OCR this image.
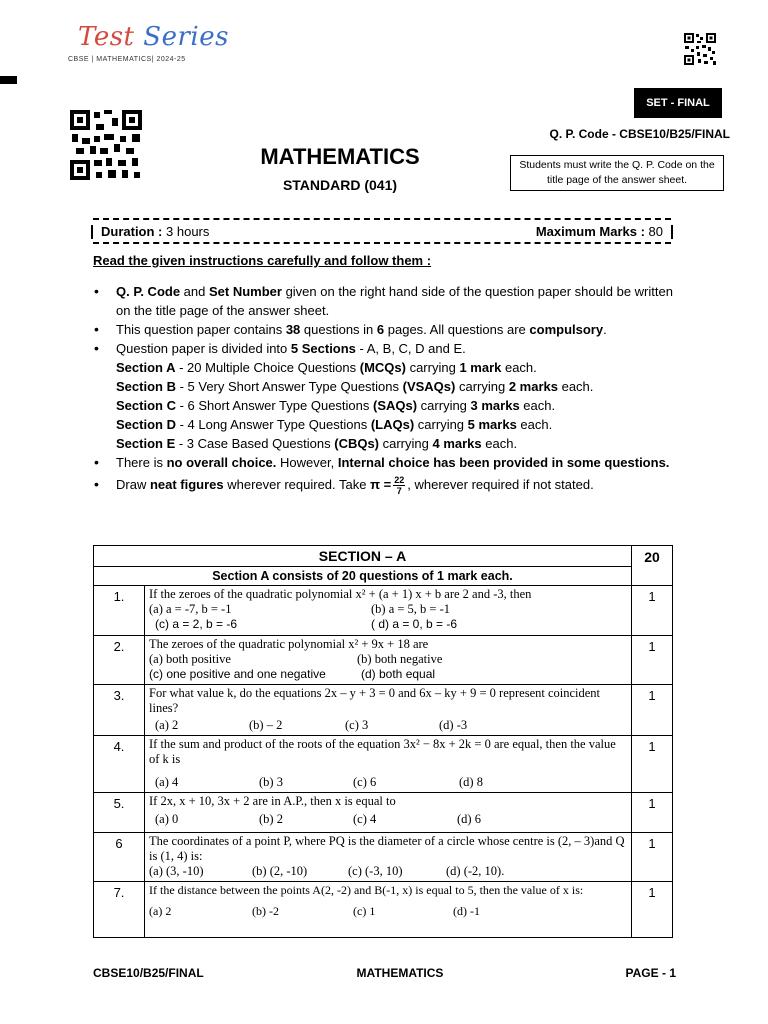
Test Series
CBSE | MATHEMATICS| 2024-25
SET - FINAL
Q. P. Code - CBSE10/B25/FINAL
MATHEMATICS
STANDARD (041)
Students must write the Q. P. Code on the title page of the answer sheet.
Duration : 3 hours	Maximum Marks : 80
Read the given instructions carefully and follow them :
• Q. P. Code and Set Number given on the right hand side of the question paper should be written on the title page of the answer sheet.
• This question paper contains 38 questions in 6 pages. All questions are compulsory.
• Question paper is divided into 5 Sections - A, B, C, D and E.
Section A - 20 Multiple Choice Questions (MCQs) carrying 1 mark each.
Section B - 5 Very Short Answer Type Questions (VSAQs) carrying 2 marks each.
Section C - 6 Short Answer Type Questions (SAQs) carrying 3 marks each.
Section D - 4 Long Answer Type Questions (LAQs) carrying 5 marks each.
Section E - 3 Case Based Questions (CBQs) carrying 4 marks each.
• There is no overall choice. However, Internal choice has been provided in some questions.
• Draw neat figures wherever required. Take $\pi = \frac{22}{7}$ , wherever required if not stated.
SECTION – A		20

Section A consists of 20 questions of 1 mark each.		

1.	If the zeroes of the quadratic polynomial x² + (a + 1) x + b are 2 and -3, then
(a) a = -7, b = -1 (b) a = 5, b = -1
(c) a = 2, b = -6 ( d) a = 0, b = -6	1
2.	The zeroes of the quadratic polynomial x² + 9x + 18 are
(a) both positive (b) both negative
(c) one positive and one negative (d) both equal	1
3.	For what value k, do the equations 2x – y + 3 = 0 and 6x – ky + 9 = 0 represent coincident lines?
(a) 2 (b) – 2 (c) 3 (d) -3	1
4.	If the sum and product of the roots of the equation 3x² − 8x + 2k = 0 are equal, then the value of k is
(a) 4 (b) 3 (c) 6 (d) 8	1
5.	If 2x, x + 10, 3x + 2 are in A.P., then x is equal to
(a) 0 (b) 2 (c) 4 (d) 6	1
6	The coordinates of a point P, where PQ is the diameter of a circle whose centre is (2, – 3)and Q is (1, 4) is:
(a) (3, -10) (b) (2, -10) (c) (-3, 10) (d) (-2, 10).	1
7.	If the distance between the points A(2, -2) and B(-1, x) is equal to 5, then the value of x is:
(a) 2 (b) -2 (c) 1 (d) -1	1
CBSE10/B25/FINAL	MATHEMATICS	PAGE - 1
